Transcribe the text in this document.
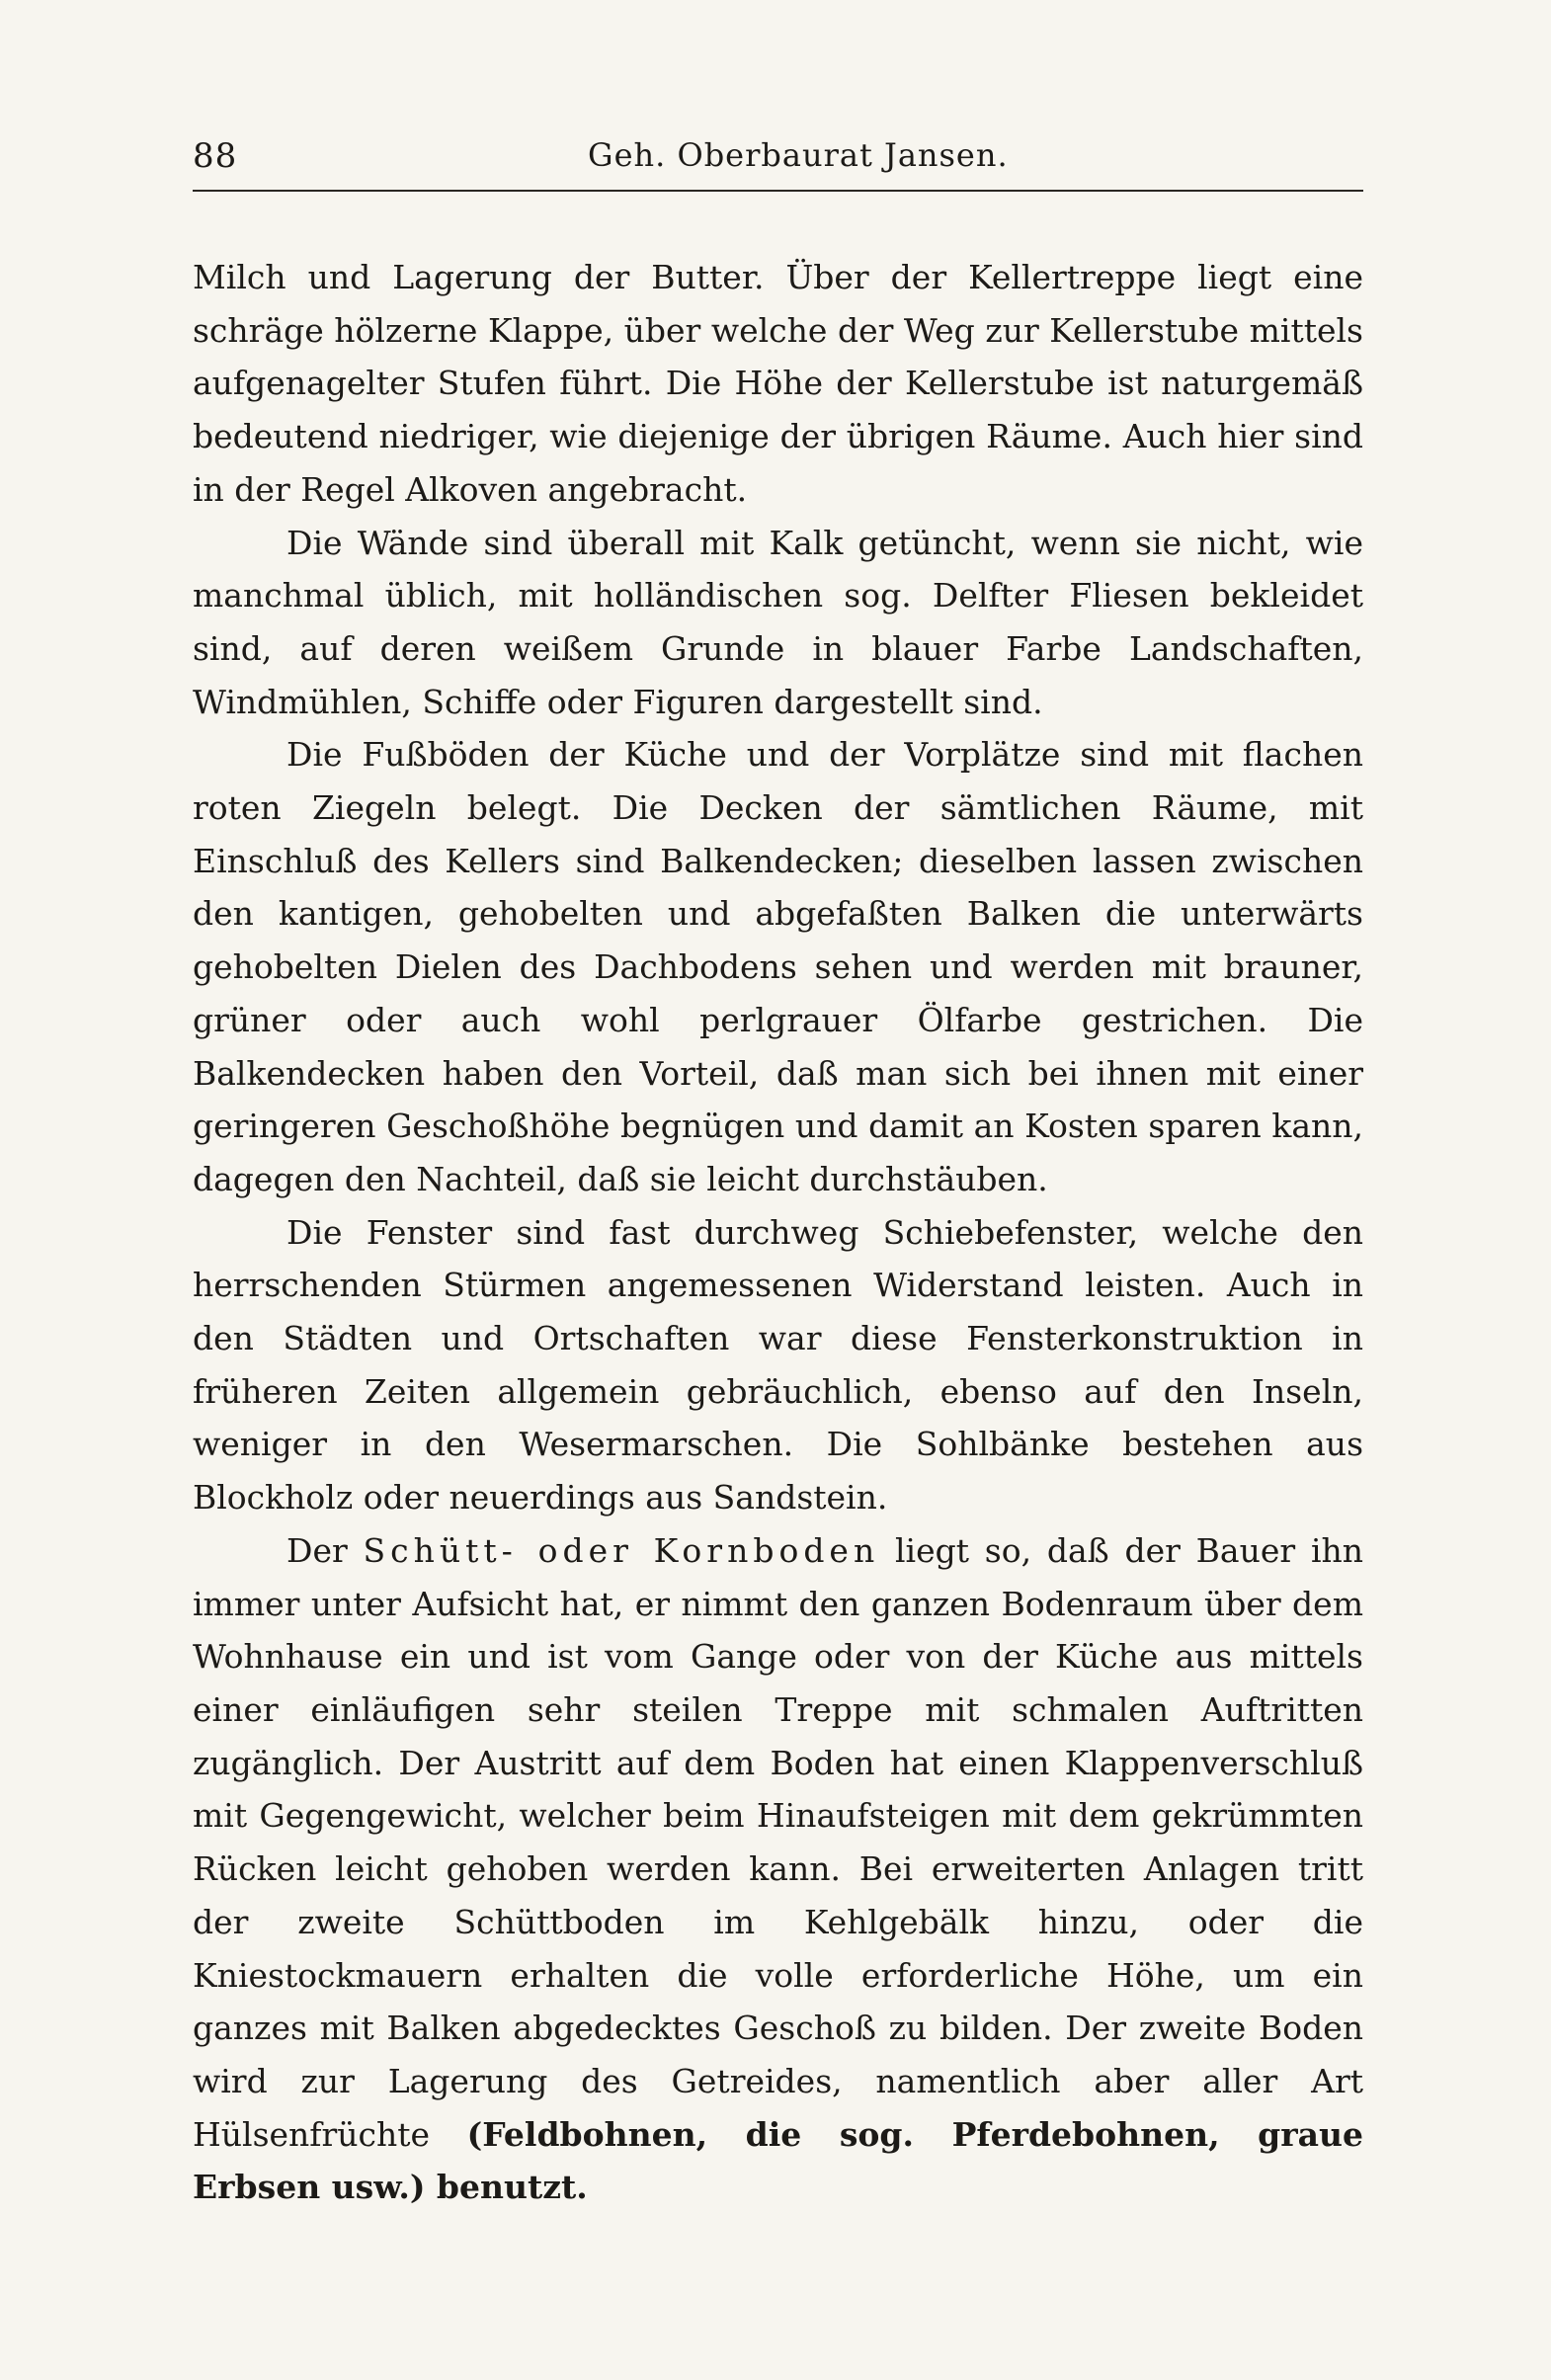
88	Geh. Oberbaurat Jansen.

Milch und Lagerung der Butter. Über der Kellertreppe liegt eine schräge hölzerne Klappe, über welche der Weg zur Kellerstube mittels aufgenagelter Stufen führt. Die Höhe der Kellerstube ist naturgemäß bedeutend niedriger, wie diejenige der übrigen Räume. Auch hier sind in der Regel Alkoven angebracht.

Die Wände sind überall mit Kalk getüncht, wenn sie nicht, wie manchmal üblich, mit holländischen sog. Delfter Fliesen bekleidet sind, auf deren weißem Grunde in blauer Farbe Landschaften, Windmühlen, Schiffe oder Figuren dargestellt sind.

Die Fußböden der Küche und der Vorplätze sind mit flachen roten Ziegeln belegt. Die Decken der sämtlichen Räume, mit Einschluß des Kellers sind Balkendecken; dieselben lassen zwischen den kantigen, gehobelten und abgefaßten Balken die unterwärts gehobelten Dielen des Dachbodens sehen und werden mit brauner, grüner oder auch wohl perlgrauer Ölfarbe gestrichen. Die Balkendecken haben den Vorteil, daß man sich bei ihnen mit einer geringeren Geschoßhöhe begnügen und damit an Kosten sparen kann, dagegen den Nachteil, daß sie leicht durchstäuben.

Die Fenster sind fast durchweg Schiebefenster, welche den herrschenden Stürmen angemessenen Widerstand leisten. Auch in den Städten und Ortschaften war diese Fensterkonstruktion in früheren Zeiten allgemein gebräuchlich, ebenso auf den Inseln, weniger in den Wesermarschen. Die Sohlbänke bestehen aus Blockholz oder neuerdings aus Sandstein.

Der Schütt- oder Kornboden liegt so, daß der Bauer ihn immer unter Aufsicht hat, er nimmt den ganzen Bodenraum über dem Wohnhause ein und ist vom Gange oder von der Küche aus mittels einer einläufigen sehr steilen Treppe mit schmalen Auftritten zugänglich. Der Austritt auf dem Boden hat einen Klappenverschluß mit Gegengewicht, welcher beim Hinaufsteigen mit dem gekrümmten Rücken leicht gehoben werden kann. Bei erweiterten Anlagen tritt der zweite Schüttboden im Kehlgebälk hinzu, oder die Kniestockmauern erhalten die volle erforderliche Höhe, um ein ganzes mit Balken abgedecktes Geschoß zu bilden. Der zweite Boden wird zur Lagerung des Getreides, namentlich aber aller Art Hülsenfrüchte (Feldbohnen, die sog. Pferdebohnen, graue Erbsen usw.) benutzt.
